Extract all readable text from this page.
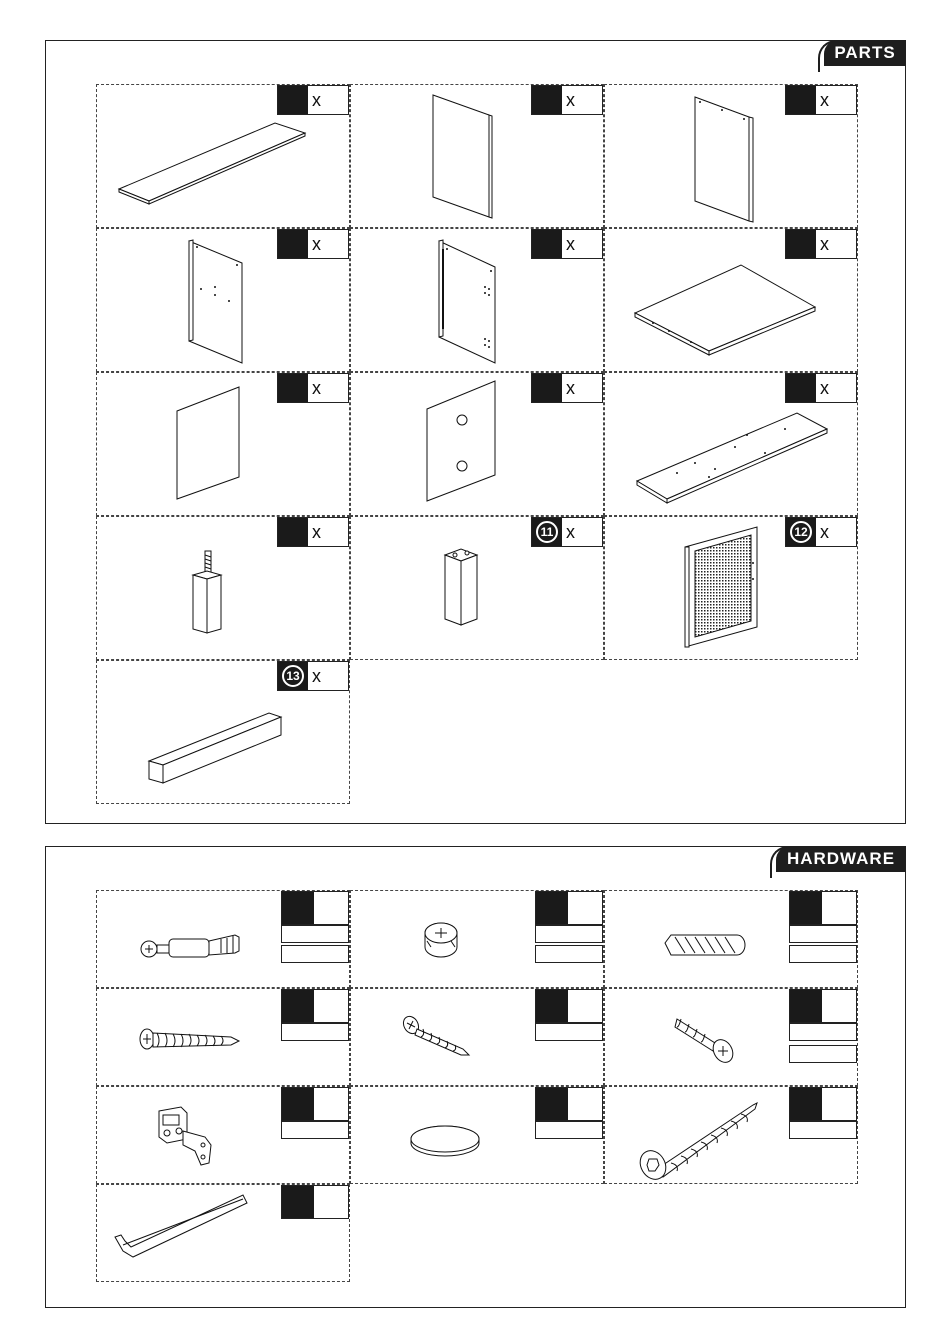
PARTS
x	x	x
x	x	x
x	x	x
x	11 x	12 x
13 x
HARDWARE
